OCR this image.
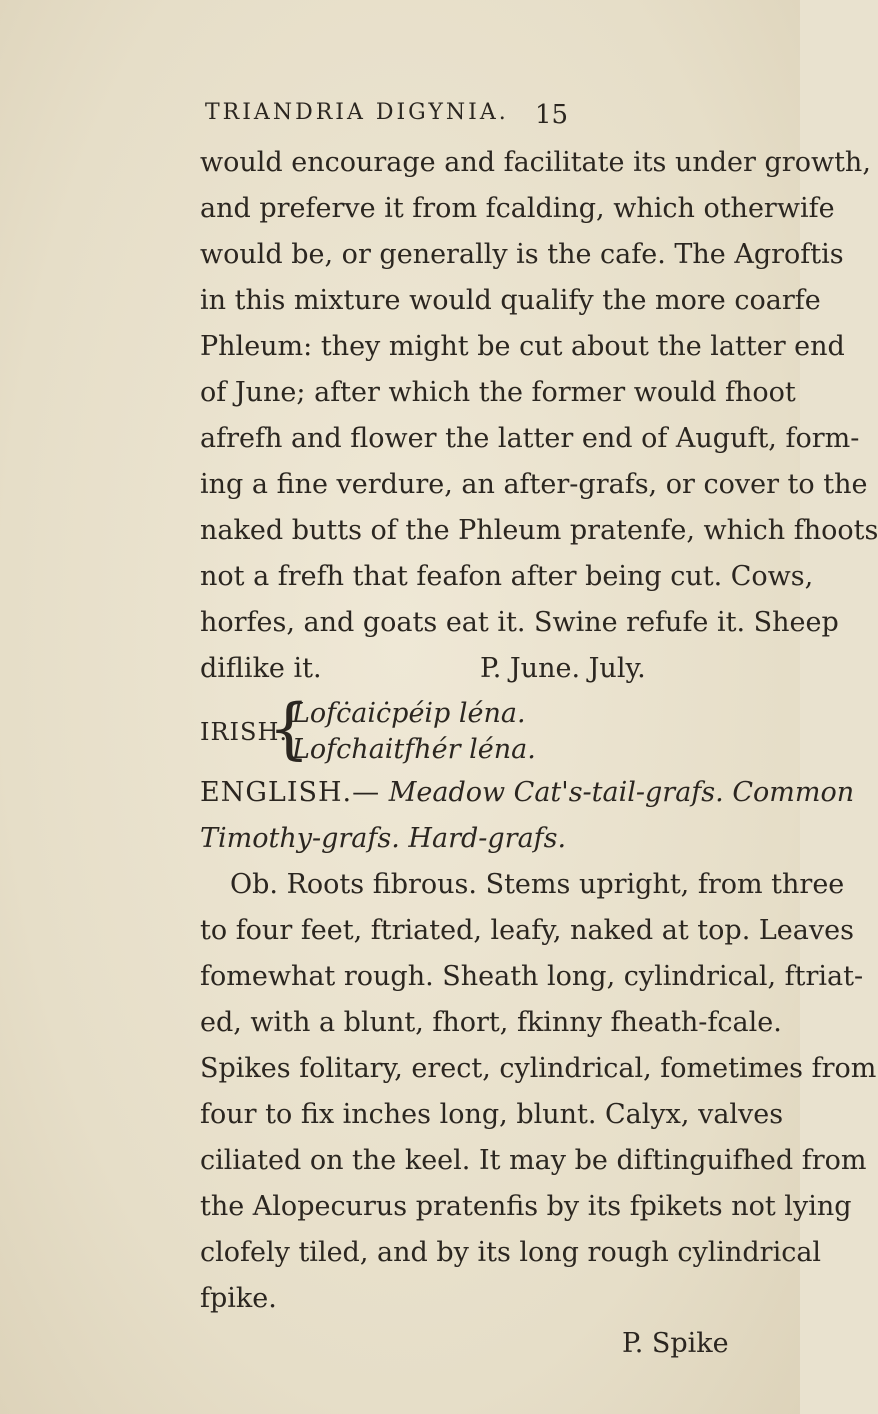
TRIANDRIA DIGYNIA. 15
would encourage and facilitate its under growth,
and preferve it from fcalding, which otherwife
would be, or generally is the cafe. The Agroftis
in this mixture would qualify the more coarfe
Phleum: they might be cut about the latter end
of June; after which the former would fhoot
afrefh and flower the latter end of Auguft, form-
ing a fine verdure, an after-grafs, or cover to the
naked butts of the Phleum pratenfe, which fhoots
not a frefh that feafon after being cut. Cows,
horfes, and goats eat it. Swine refufe it. Sheep
diflike it.	P. June. July.
IRISH.
{
Lofċaiċpéip léna.
Lofchaitfhér léna.
ENGLISH.— Meadow Cat's-tail-grafs. Common
Timothy-grafs. Hard-grafs.
Ob. Roots fibrous. Stems upright, from three
to four feet, ftriated, leafy, naked at top. Leaves
fomewhat rough. Sheath long, cylindrical, ftriat-
ed, with a blunt, fhort, fkinny fheath-fcale.
Spikes folitary, erect, cylindrical, fometimes from
four to fix inches long, blunt. Calyx, valves
ciliated on the keel. It may be diftinguifhed from
the Alopecurus pratenfis by its fpikets not lying
clofely tiled, and by its long rough cylindrical
fpike.
P. Spike
